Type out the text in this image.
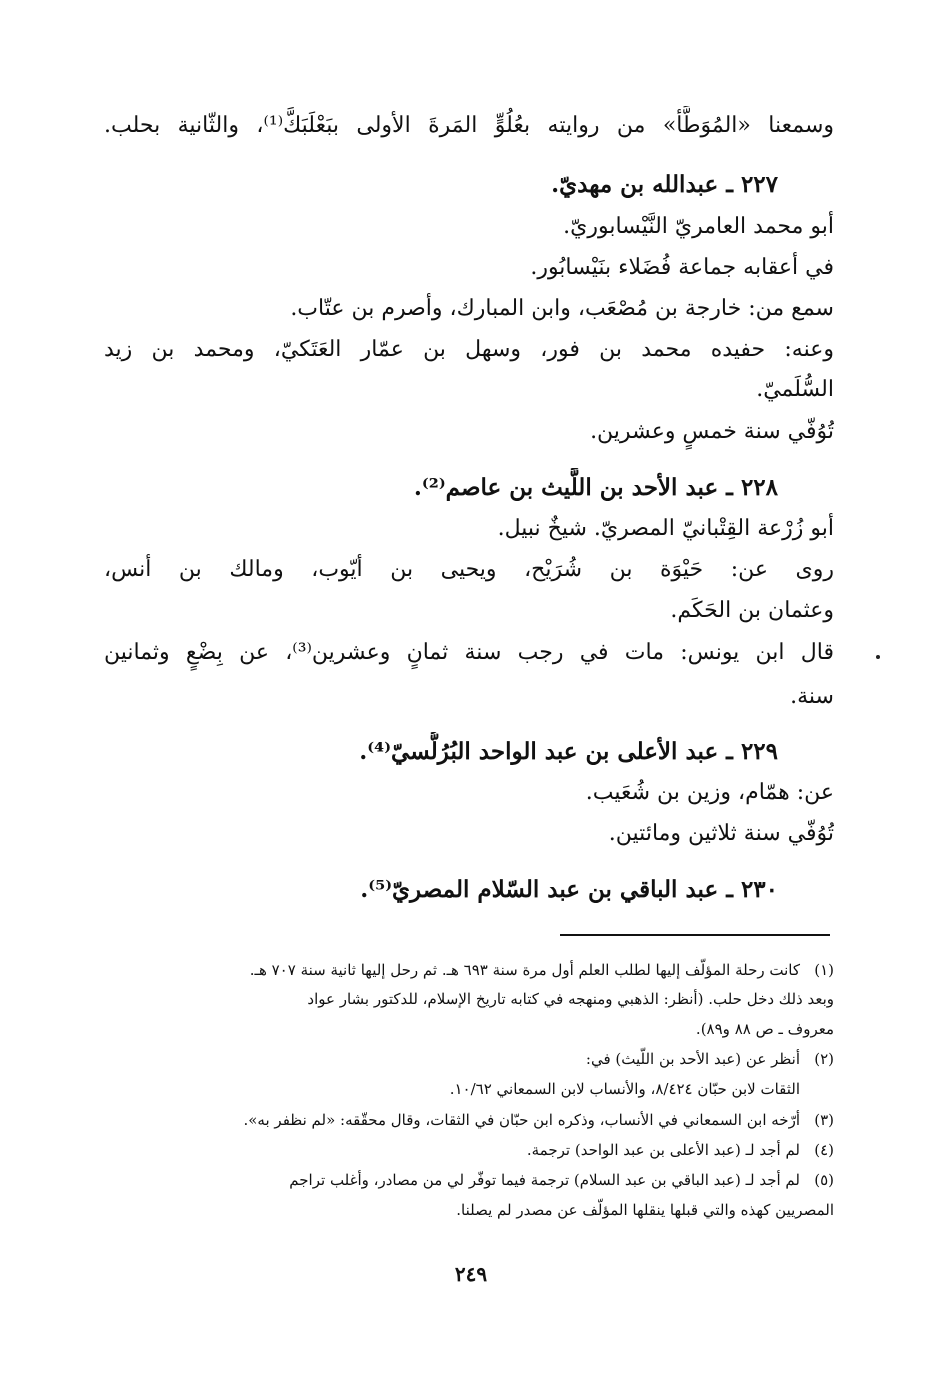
وسمعنا «المُوَطَّأ» من روايته بعُلُوٍّ المَرةَ الأولى ببَعْلَبَكَّ⁽¹⁾، والثّانية بحلب.
٢٢٧ ـ عبدالله بن مهديّ.
أبو محمد العامريّ النَّيْسابوريّ.
في أعقابه جماعة فُضَلاء بنَيْسابُور.
سمع من: خارجة بن مُصْعَب، وابن المبارك، وأصرم بن عتّاب.
وعنه: حفيده محمد بن فور، وسهل بن عمّار العَتَكيّ، ومحمد بن زيد
السُّلَميّ.
تُوُفّي سنة خمسٍ وعشرين.
٢٢٨ ـ عبد الأحد بن اللَّيث بن عاصم⁽²⁾.
أبو زُرْعة القِتْبانيّ المصريّ. شيخٌ نبيل.
روى عن: حَيْوَة بن شُرَيْح، ويحيى بن أيّوب، ومالك بن أنس،
وعثمان بن الحَكَم.
قال ابن يونس: مات في رجب سنة ثمانٍ وعشرين⁽³⁾، عن بِضْعٍ وثمانين
سنة.
٢٢٩ ـ عبد الأعلى بن عبد الواحد البُرُلُّسيّ⁽⁴⁾.
عن: همّام، وزين بن شُعَيب.
تُوُفّي سنة ثلاثين ومائتين.
٢٣٠ ـ عبد الباقي بن عبد السّلام المصريّ⁽⁵⁾.
(١)كانت رحلة المؤلّف إليها لطلب العلم أول مرة سنة ٦٩٣ هـ. ثم رحل إليها ثانية سنة ٧٠٧ هـ.
وبعد ذلك دخل حلب. (أنظر: الذهبي ومنهجه في كتابه تاريخ الإسلام، للدكتور بشار عواد
معروف ـ ص ٨٨ و٨٩).
(٢)أنظر عن (عبد الأحد بن اللّيث) في:
الثقات لابن حبّان ٨/٤٢٤، والأنساب لابن السمعاني ١٠/٦٢.
(٣)أرّخه ابن السمعاني في الأنساب، وذكره ابن حبّان في الثقات، وقال محقّقه: «لم نظفر به».
(٤)لم أجد لـ (عبد الأعلى بن عبد الواحد) ترجمة.
(٥)لم أجد لـ (عبد الباقي بن عبد السلام) ترجمة فيما توفّر لي من مصادر، وأغلب تراجم
المصريين كهذه والتي قبلها ينقلها المؤلّف عن مصدر لم يصلنا.
٢٤٩
